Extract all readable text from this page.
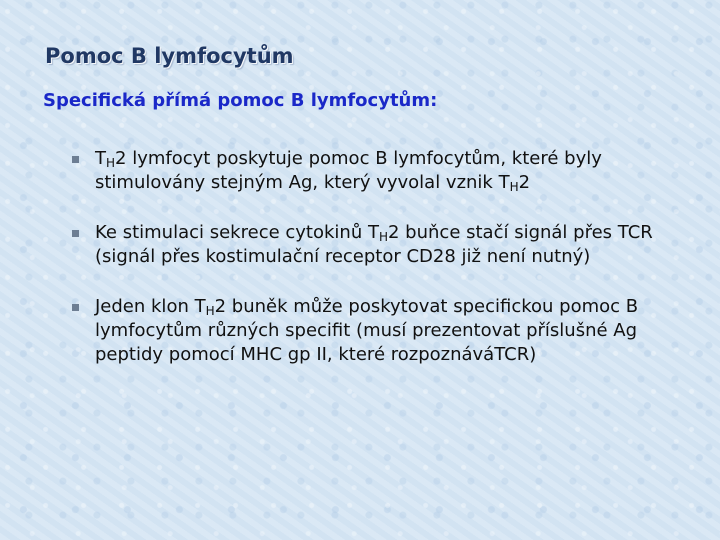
Pomoc B lymfocytům
Specifická přímá pomoc B lymfocytům:
$T_H2$ lymfocyt poskytuje pomoc B lymfocytům, které byly stimulovány stejným Ag, který vyvolal vznik $T_H2$
Ke stimulaci sekrece cytokinů $T_H2$ buňce stačí signál přes TCR (signál přes kostimulační receptor CD28 již není nutný)
Jeden klon $T_H2$ buněk může poskytovat specifickou pomoc B lymfocytům různých specifit (musí prezentovat příslušné Ag peptidy pomocí MHC gp II, které rozpoznáváTCR)
